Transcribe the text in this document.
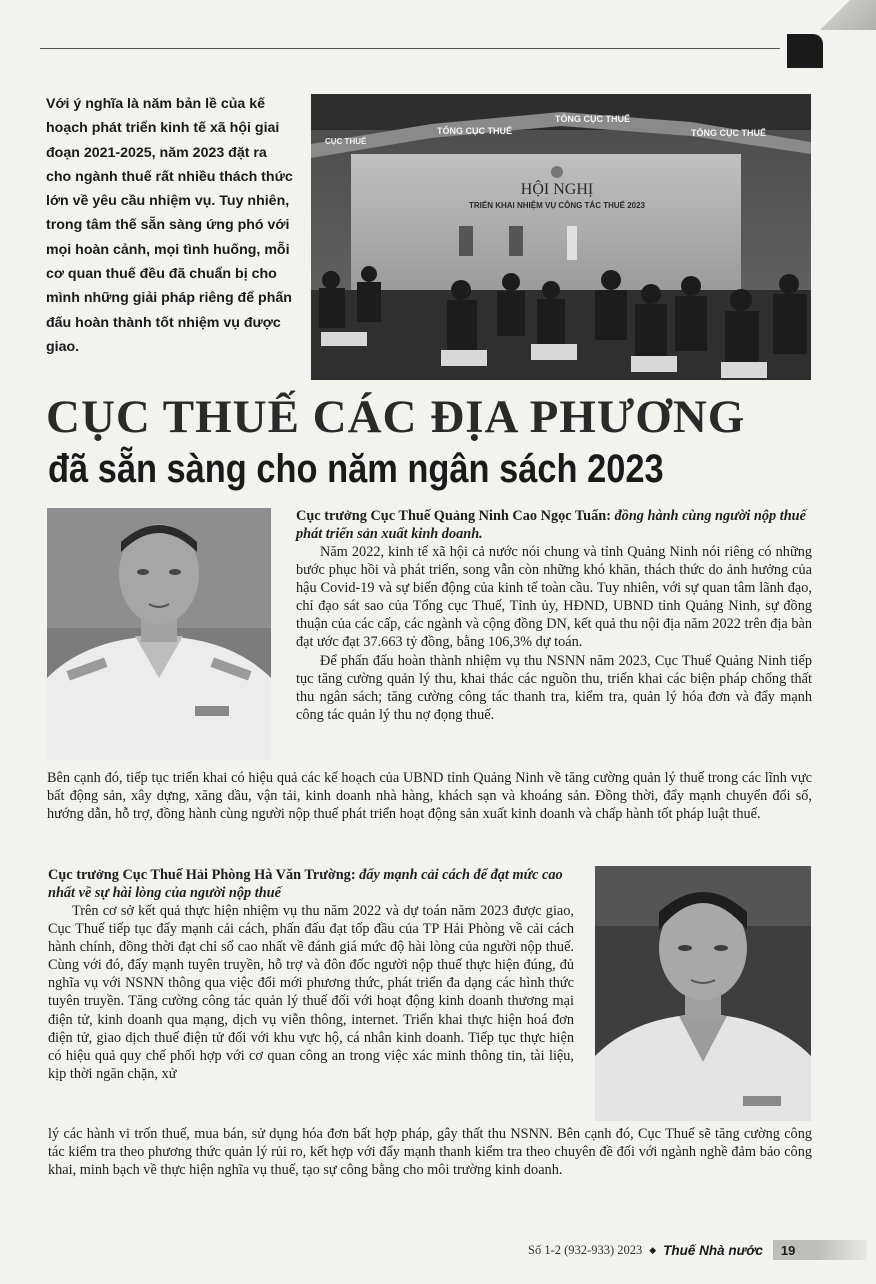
Với ý nghĩa là năm bản lề của kế hoạch phát triển kinh tế xã hội giai đoạn 2021-2025, năm 2023 đặt ra cho ngành thuế rất nhiều thách thức lớn về yêu cầu nhiệm vụ. Tuy nhiên, trong tâm thế sẵn sàng ứng phó với mọi hoàn cảnh, mọi tình huống, mỗi cơ quan thuế đều đã chuẩn bị cho mình những giải pháp riêng để phấn đấu hoàn thành tốt nhiệm vụ được giao.

CỤC THUẾ
TỔNG CỤC THUẾ
TỔNG CỤC THUẾ
TỔNG CỤC THUẾ
HỘI NGHỊ
TRIỂN KHAI NHIỆM VỤ CÔNG TÁC THUẾ 2023
CỤC THUẾ CÁC ĐỊA PHƯƠNG
đã sẵn sàng cho năm ngân sách 2023

Cục trưởng Cục Thuế Quảng Ninh Cao Ngọc Tuấn: đồng hành cùng người nộp thuế phát triển sản xuất kinh doanh.

Năm 2022, kinh tế xã hội cả nước nói chung và tỉnh Quảng Ninh nói riêng có những bước phục hồi và phát triển, song vẫn còn những khó khăn, thách thức do ảnh hưởng của hậu Covid-19 và sự biến động của kinh tế toàn cầu. Tuy nhiên, với sự quan tâm lãnh đạo, chỉ đạo sát sao của Tổng cục Thuế, Tỉnh ủy, HĐND, UBND tỉnh Quảng Ninh, sự đồng thuận của các cấp, các ngành và cộng đồng DN, kết quả thu nội địa năm 2022 trên địa bàn đạt ước đạt 37.663 tỷ đồng, bằng 106,3% dự toán.

Để phấn đấu hoàn thành nhiệm vụ thu NSNN năm 2023, Cục Thuế Quảng Ninh tiếp tục tăng cường quản lý thu, khai thác các nguồn thu, triển khai các biện pháp chống thất thu ngân sách; tăng cường công tác thanh tra, kiểm tra, quản lý hóa đơn và đẩy mạnh công tác quản lý thu nợ đọng thuế.

Bên cạnh đó, tiếp tục triển khai có hiệu quả các kế hoạch của UBND tỉnh Quảng Ninh về tăng cường quản lý thuế trong các lĩnh vực bất động sản, xây dựng, xăng dầu, vận tải, kinh doanh nhà hàng, khách sạn và khoáng sản. Đồng thời, đẩy mạnh chuyển đổi số, hướng dẫn, hỗ trợ, đồng hành cùng người nộp thuế phát triển hoạt động sản xuất kinh doanh và chấp hành tốt pháp luật thuế.

Cục trưởng Cục Thuế Hải Phòng Hà Văn Trường: đẩy mạnh cải cách để đạt mức cao nhất về sự hài lòng của người nộp thuế

Trên cơ sở kết quả thực hiện nhiệm vụ thu năm 2022 và dự toán năm 2023 được giao, Cục Thuế tiếp tục đẩy mạnh cải cách, phấn đấu đạt tốp đầu của TP Hải Phòng về cải cách hành chính, đồng thời đạt chỉ số cao nhất về đánh giá mức độ hài lòng của người nộp thuế. Cùng với đó, đẩy mạnh tuyên truyền, hỗ trợ và đôn đốc người nộp thuế thực hiện đúng, đủ nghĩa vụ với NSNN thông qua việc đổi mới phương thức, phát triển đa dạng các hình thức tuyên truyền. Tăng cường công tác quản lý thuế đối với hoạt động kinh doanh thương mại điện tử, kinh doanh qua mạng, dịch vụ viễn thông, internet. Triển khai thực hiện hoá đơn điện tử, giao dịch thuế điện tử đối với khu vực hộ, cá nhân kinh doanh. Tiếp tục thực hiện có hiệu quả quy chế phối hợp với cơ quan công an trong việc xác minh thông tin, tài liệu, kịp thời ngăn chặn, xử

lý các hành vi trốn thuế, mua bán, sử dụng hóa đơn bất hợp pháp, gây thất thu NSNN. Bên cạnh đó, Cục Thuế sẽ tăng cường công tác kiểm tra theo phương thức quản lý rủi ro, kết hợp với đẩy mạnh thanh kiểm tra theo chuyên đề đối với ngành nghề đảm bảo công khai, minh bạch về thực hiện nghĩa vụ thuế, tạo sự công bằng cho môi trường kinh doanh.

Số 1-2 (932-933) 2023 ◆ Thuế Nhà nước	19
